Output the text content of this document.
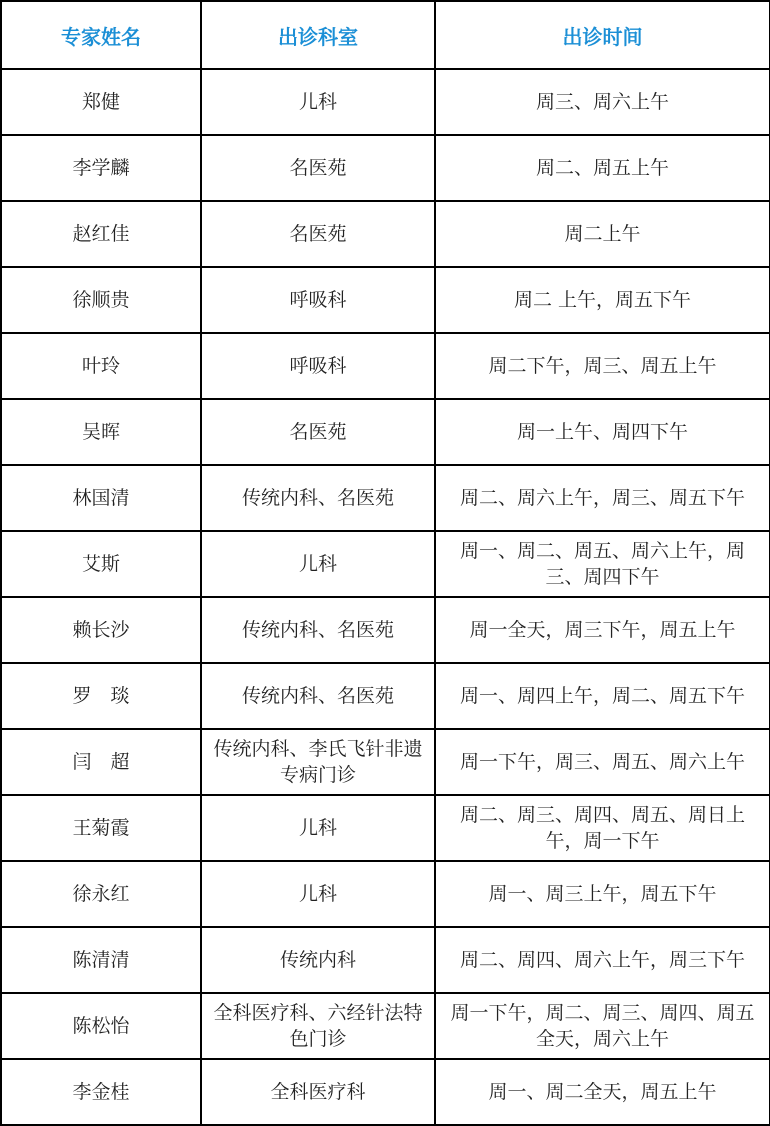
专家姓名	出诊科室	出诊时间
郑健	儿科	周三、周六上午
李学麟	名医苑	周二、周五上午
赵红佳	名医苑	周二上午
徐顺贵	呼吸科	周二 上午，周五下午
叶玲	呼吸科	周二下午，周三、周五上午
吴晖	名医苑	周一上午、周四下午
林国清	传统内科、名医苑	周二、周六上午，周三、周五下午
艾斯	儿科	周一、周二、周五、周六上午，周三、周四下午
赖长沙	传统内科、名医苑	周一全天，周三下午，周五上午
罗　琰	传统内科、名医苑	周一、周四上午，周二、周五下午
闫　超	传统内科、李氏飞针非遗专病门诊	周一下午，周三、周五、周六上午
王菊霞	儿科	周二、周三、周四、周五、周日上午，周一下午
徐永红	儿科	周一、周三上午，周五下午
陈清清	传统内科	周二、周四、周六上午，周三下午
陈松怡	全科医疗科、六经针法特色门诊	周一下午，周二、周三、周四、周五全天，周六上午
李金桂	全科医疗科	周一、周二全天，周五上午
